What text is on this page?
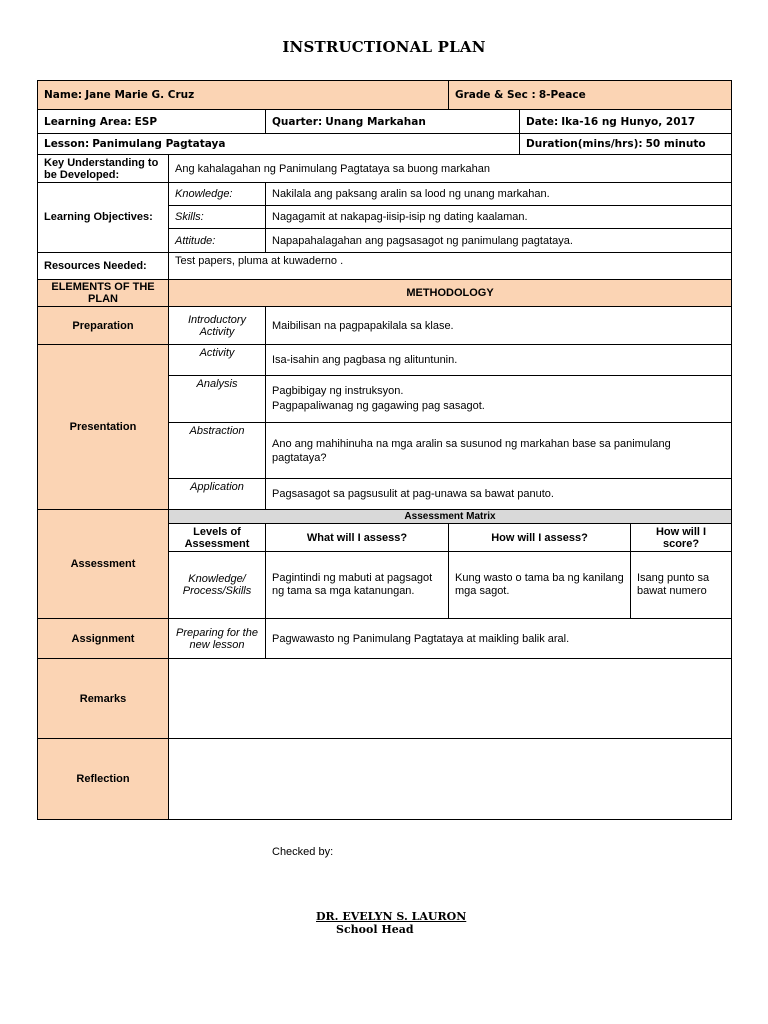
INSTRUCTIONAL PLAN
Name: Jane Marie G. Cruz			Grade & Sec : 8-Peace		
Learning Area: ESP		Quarter: Unang Markahan		Date: Ika-16 ng Hunyo, 2017	
Lesson: Panimulang Pagtataya				Duration(mins/hrs): 50 minuto	
Key Understanding to be Developed:	Ang kahalagahan ng Panimulang Pagtataya sa buong markahan				
Learning Objectives:	Knowledge:	Nakilala ang paksang aralin sa lood ng unang markahan.			
	Skills:	Nagagamit at nakapag-iisip-isip ng dating kaalaman.			
	Attitude:	Napapahalagahan ang pagsasagot ng panimulang pagtataya.			
Resources Needed:	Test papers, pluma at kuwaderno .				
ELEMENTS OF THE PLAN	METHODOLOGY				
Preparation	Introductory Activity	Maibilisan na pagpapakilala sa klase.			
Presentation	Activity	Isa-isahin ang pagbasa ng alituntunin.			
	Analysis	Pagbibigay ng instruksyon.
Pagpapaliwanag ng gagawing pag sasagot.			

	Abstraction	Ano ang mahihinuha na mga aralin sa susunod ng markahan base sa panimulang pagtataya?			
	Application	Pagsasagot sa pagsusulit at pag-unawa sa bawat panuto.			
Assessment	Assessment Matrix				
	Levels of Assessment	What will I assess?	How will I assess?		How will I score?
	Knowledge/ Process/Skills	Pagintindi ng mabuti at pagsagot ng tama sa mga katanungan.	Kung wasto o tama ba ng kanilang mga sagot.		Isang punto sa bawat numero
Assignment	Preparing for the new lesson	Pagwawasto ng Panimulang Pagtataya at maikling balik aral.			
Remarks					
Reflection					
Checked by:
DR. EVELYN S. LAURON
School Head
